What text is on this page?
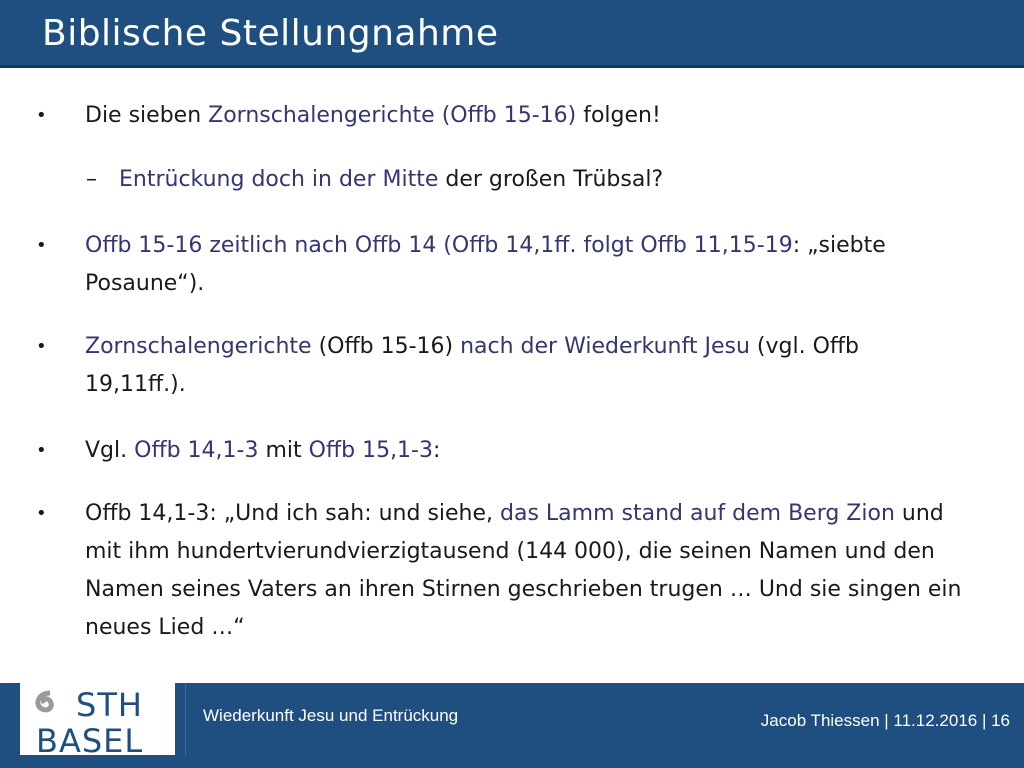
Biblische Stellungnahme
• Die sieben Zornschalengerichte (Offb 15-16) folgen!
– Entrückung doch in der Mitte der großen Trübsal?
• Offb 15-16 zeitlich nach Offb 14 (Offb 14,1ff. folgt Offb 11,15-19: „siebte Posaune“).
• Zornschalengerichte (Offb 15-16) nach der Wiederkunft Jesu (vgl. Offb 19,11ff.).
• Vgl. Offb 14,1-3 mit Offb 15,1-3:
• Offb 14,1-3: „Und ich sah: und siehe, das Lamm stand auf dem Berg Zion und mit ihm hundertvierundvierzigtausend (144 000), die seinen Namen und den Namen seines Vaters an ihren Stirnen geschrieben trugen … Und sie singen ein neues Lied …“
STH
BASEL
Wiederkunft Jesu und Entrückung	Jacob Thiessen | 11.12.2016 | 16
